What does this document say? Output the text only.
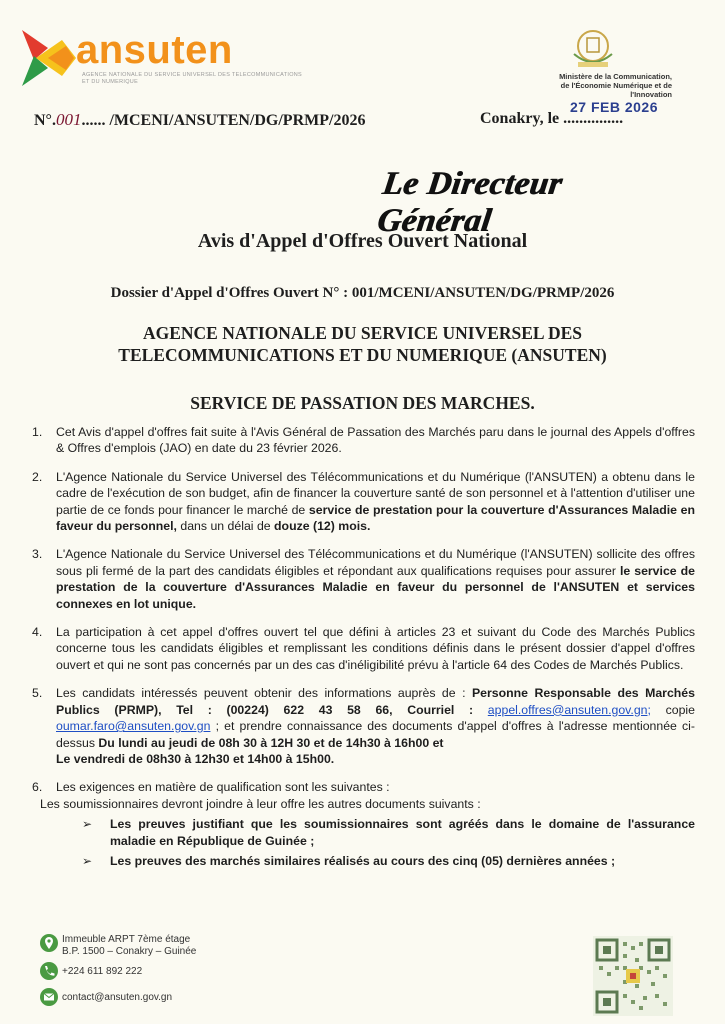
ansuten
AGENCE NATIONALE DU SERVICE UNIVERSEL DES TELECOMMUNICATIONS ET DU NUMERIQUE
Ministère de la Communication,
de l'Économie Numérique et de
l'Innovation
N°.001...... /MCENI/ANSUTEN/DG/PRMP/2026	Conakry, le ...............
27 FEB 2026
Le Directeur Général
Avis d'Appel d'Offres Ouvert National
Dossier d'Appel d'Offres Ouvert N° : 001/MCENI/ANSUTEN/DG/PRMP/2026
AGENCE NATIONALE DU SERVICE UNIVERSEL DES
TELECOMMUNICATIONS ET DU NUMERIQUE (ANSUTEN)
SERVICE DE PASSATION DES MARCHES.
1.	Cet Avis d'appel d'offres fait suite à l'Avis Général de Passation des Marchés paru dans le journal des Appels d'offres & Offres d'emplois (JAO) en date du 23 février 2026.
2.	L'Agence Nationale du Service Universel des Télécommunications et du Numérique (l'ANSUTEN) a obtenu dans le cadre de l'exécution de son budget, afin de financer la couverture santé de son personnel et à l'attention d'utiliser une partie de ce fonds pour financer le marché de service de prestation pour la couverture d'Assurances Maladie en faveur du personnel, dans un délai de douze (12) mois.
3.	L'Agence Nationale du Service Universel des Télécommunications et du Numérique (l'ANSUTEN) sollicite des offres sous pli fermé de la part des candidats éligibles et répondant aux qualifications requises pour assurer le service de prestation de la couverture d'Assurances Maladie en faveur du personnel de l'ANSUTEN et services connexes en lot unique.
4.	La participation à cet appel d'offres ouvert tel que défini à articles 23 et suivant du Code des Marchés Publics concerne tous les candidats éligibles et remplissant les conditions définis dans le présent dossier d'appel d'offres ouvert et qui ne sont pas concernés par un des cas d'inéligibilité prévu à l'article 64 des Codes de Marchés Publics.
5.	Les candidats intéressés peuvent obtenir des informations auprès de : Personne Responsable des Marchés Publics (PRMP), Tel : (00224) 622 43 58 66, Courriel : appel.offres@ansuten.gov.gn; copie oumar.faro@ansuten.gov.gn ; et prendre connaissance des documents d'appel d'offres à l'adresse mentionnée ci-dessus Du lundi au jeudi de 08h 30 à 12H 30 et de 14h30 à 16h00 et
Le vendredi de 08h30 à 12h30 et 14h00 à 15h00.
6.	Les exigences en matière de qualification sont les suivantes :
Les soumissionnaires devront joindre à leur offre les autres documents suivants :
➢	Les preuves justifiant que les soumissionnaires sont agréés dans le domaine de l'assurance maladie en République de Guinée ;
➢	Les preuves des marchés similaires réalisés au cours des cinq (05) dernières années ;
Immeuble ARPT 7ème étage
B.P. 1500 – Conakry – Guinée
+224 611 892 222
contact@ansuten.gov.gn
